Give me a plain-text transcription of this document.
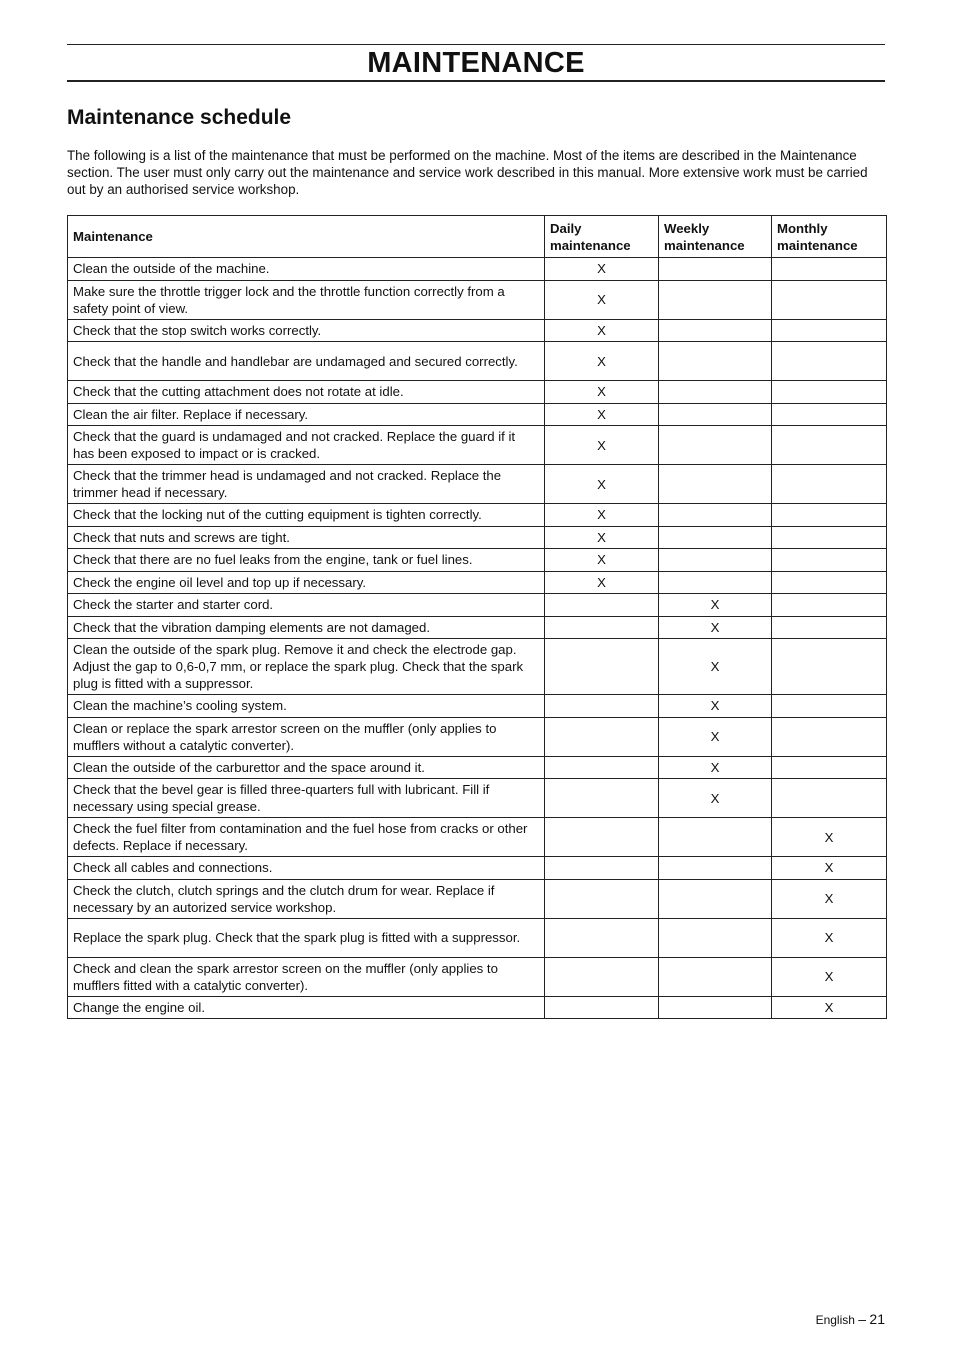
MAINTENANCE
Maintenance schedule

The following is a list of the maintenance that must be performed on the machine. Most of the items are described in the Maintenance section. The user must only carry out the maintenance and service work described in this manual. More extensive work must be carried out by an authorised service workshop.

Maintenance	Daily maintenance	Weekly maintenance	Monthly maintenance
Clean the outside of the machine.	X		
Make sure the throttle trigger lock and the throttle function correctly from a safety point of view.	X		
Check that the stop switch works correctly.	X		
Check that the handle and handlebar are undamaged and secured correctly.	X		
Check that the cutting attachment does not rotate at idle.	X		
Clean the air filter. Replace if necessary.	X		
Check that the guard is undamaged and not cracked. Replace the guard if it has been exposed to impact or is cracked.	X		
Check that the trimmer head is undamaged and not cracked. Replace the trimmer head if necessary.	X		
Check that the locking nut of the cutting equipment is tighten correctly.	X		
Check that nuts and screws are tight.	X		
Check that there are no fuel leaks from the engine, tank or fuel lines.	X		
Check the engine oil level and top up if necessary.	X		
Check the starter and starter cord.		X	
Check that the vibration damping elements are not damaged.		X	
Clean the outside of the spark plug. Remove it and check the electrode gap. Adjust the gap to 0,6-0,7 mm, or replace the spark plug. Check that the spark plug is fitted with a suppressor.		X	
Clean the machine’s cooling system.		X	
Clean or replace the spark arrestor screen on the muffler (only applies to mufflers without a catalytic converter).		X	
Clean the outside of the carburettor and the space around it.		X	
Check that the bevel gear is filled three-quarters full with lubricant. Fill if necessary using special grease.		X	
Check the fuel filter from contamination and the fuel hose from cracks or other defects. Replace if necessary.			X
Check all cables and connections.			X
Check the clutch, clutch springs and the clutch drum for wear. Replace if necessary by an autorized service workshop.			X
Replace the spark plug. Check that the spark plug is fitted with a suppressor.			X
Check and clean the spark arrestor screen on the muffler (only applies to mufflers fitted with a catalytic converter).			X
Change the engine oil.			X
English – 21
